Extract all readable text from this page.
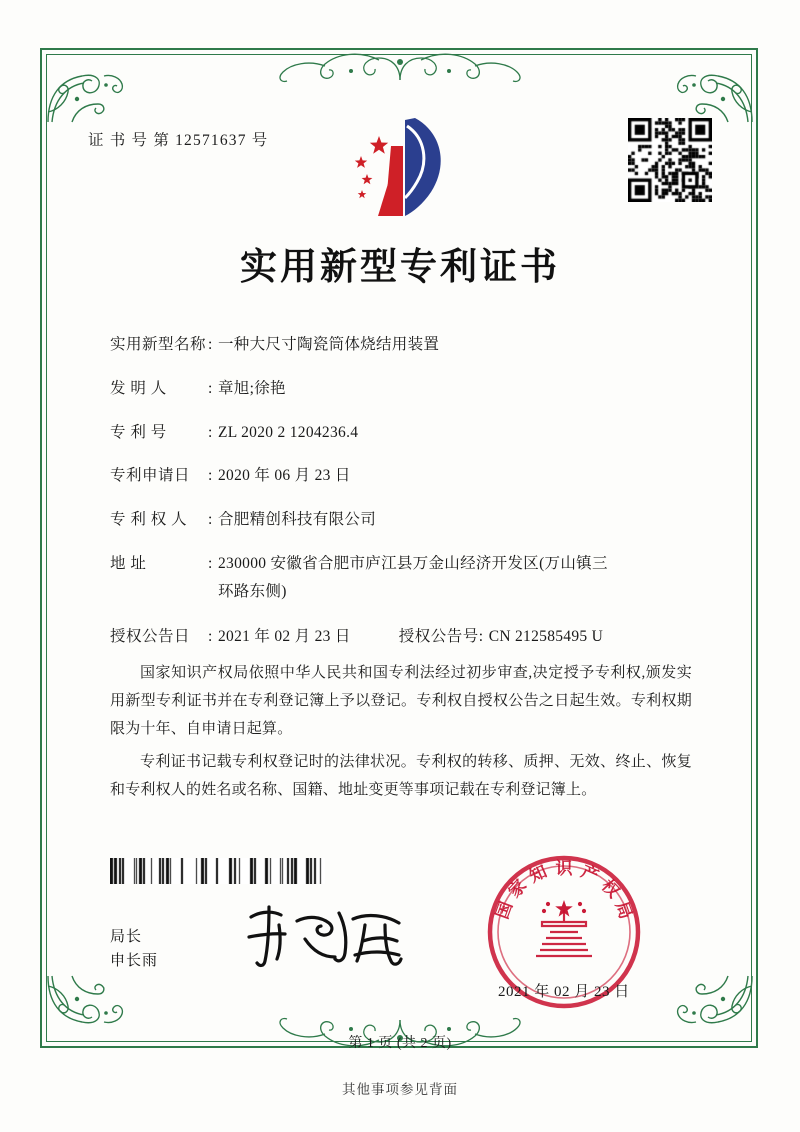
证 书 号 第 12571637 号
实用新型专利证书
实用新型名称 : 一种大尺寸陶瓷筒体烧结用装置
发 明 人	: 章旭;徐艳
专 利 号	: ZL 2020 2 1204236.4
专利申请日	: 2020 年 06 月 23 日
专 利 权 人	: 合肥精创科技有限公司
地 址	: 230000 安徽省合肥市庐江县万金山经济开发区(万山镇三
环路东侧)
授权公告日	: 2021 年 02 月 23 日	授权公告号 : CN 212585495 U

国家知识产权局依照中华人民共和国专利法经过初步审查,决定授予专利权,颁发实用新型专利证书并在专利登记簿上予以登记。专利权自授权公告之日起生效。专利权期限为十年、自申请日起算。

专利证书记载专利权登记时的法律状况。专利权的转移、质押、无效、终止、恢复和专利权人的姓名或名称、国籍、地址变更等事项记载在专利登记簿上。

局长
申长雨
国
家
知 识 产
权
局
2021 年 02 月 23 日
第 1 页 (共 2 页)
其他事项参见背面
